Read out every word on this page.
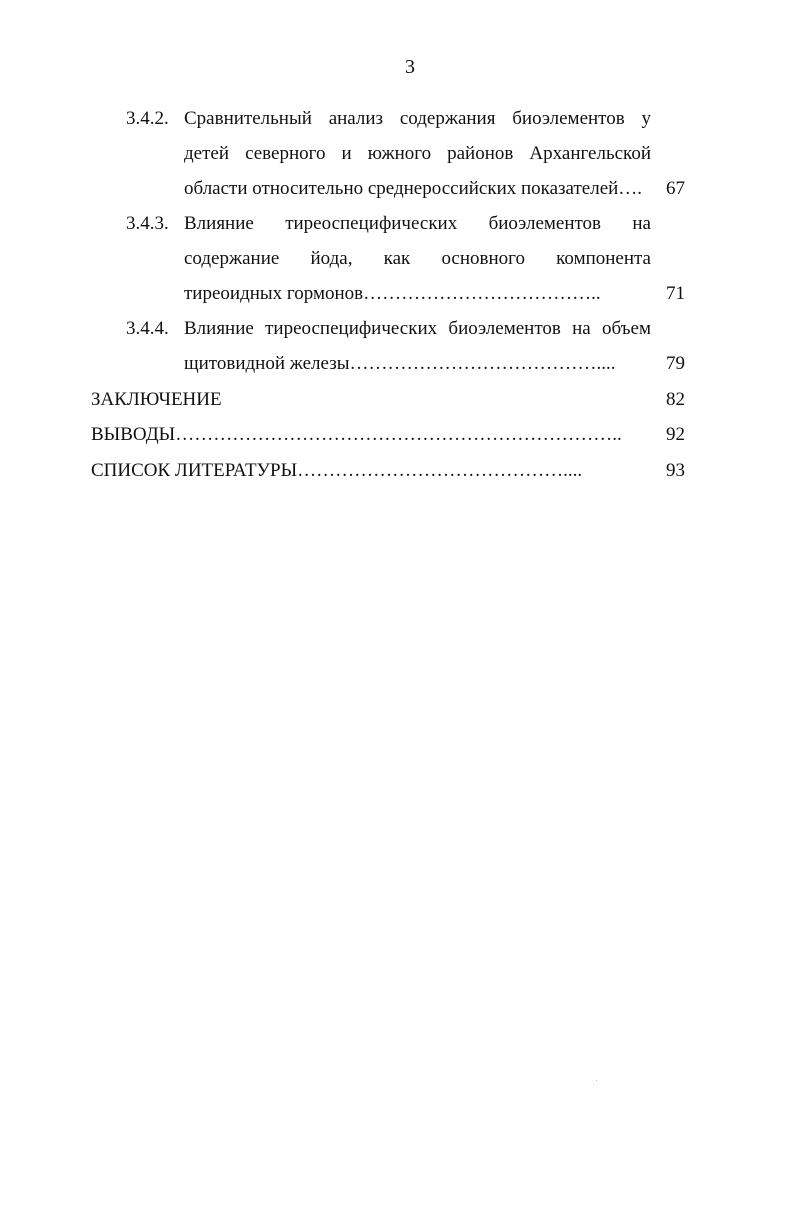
3
3.4.2. Сравнительный анализ содержания биоэлементов у
детей северного и южного районов Архангельской
области относительно среднероссийских показателей…. 67
3.4.3. Влияние тиреоспецифических биоэлементов на
содержание йода, как основного компонента
тиреоидных гормонов………………………………..	71
3.4.4. Влияние тиреоспецифических биоэлементов на объем
щитовидной железы…………………………………....	79
ЗАКЛЮЧЕНИЕ	82
ВЫВОДЫ…………………………………………………………….. 92
СПИСОК ЛИТЕРАТУРЫ……………………………………....	93
